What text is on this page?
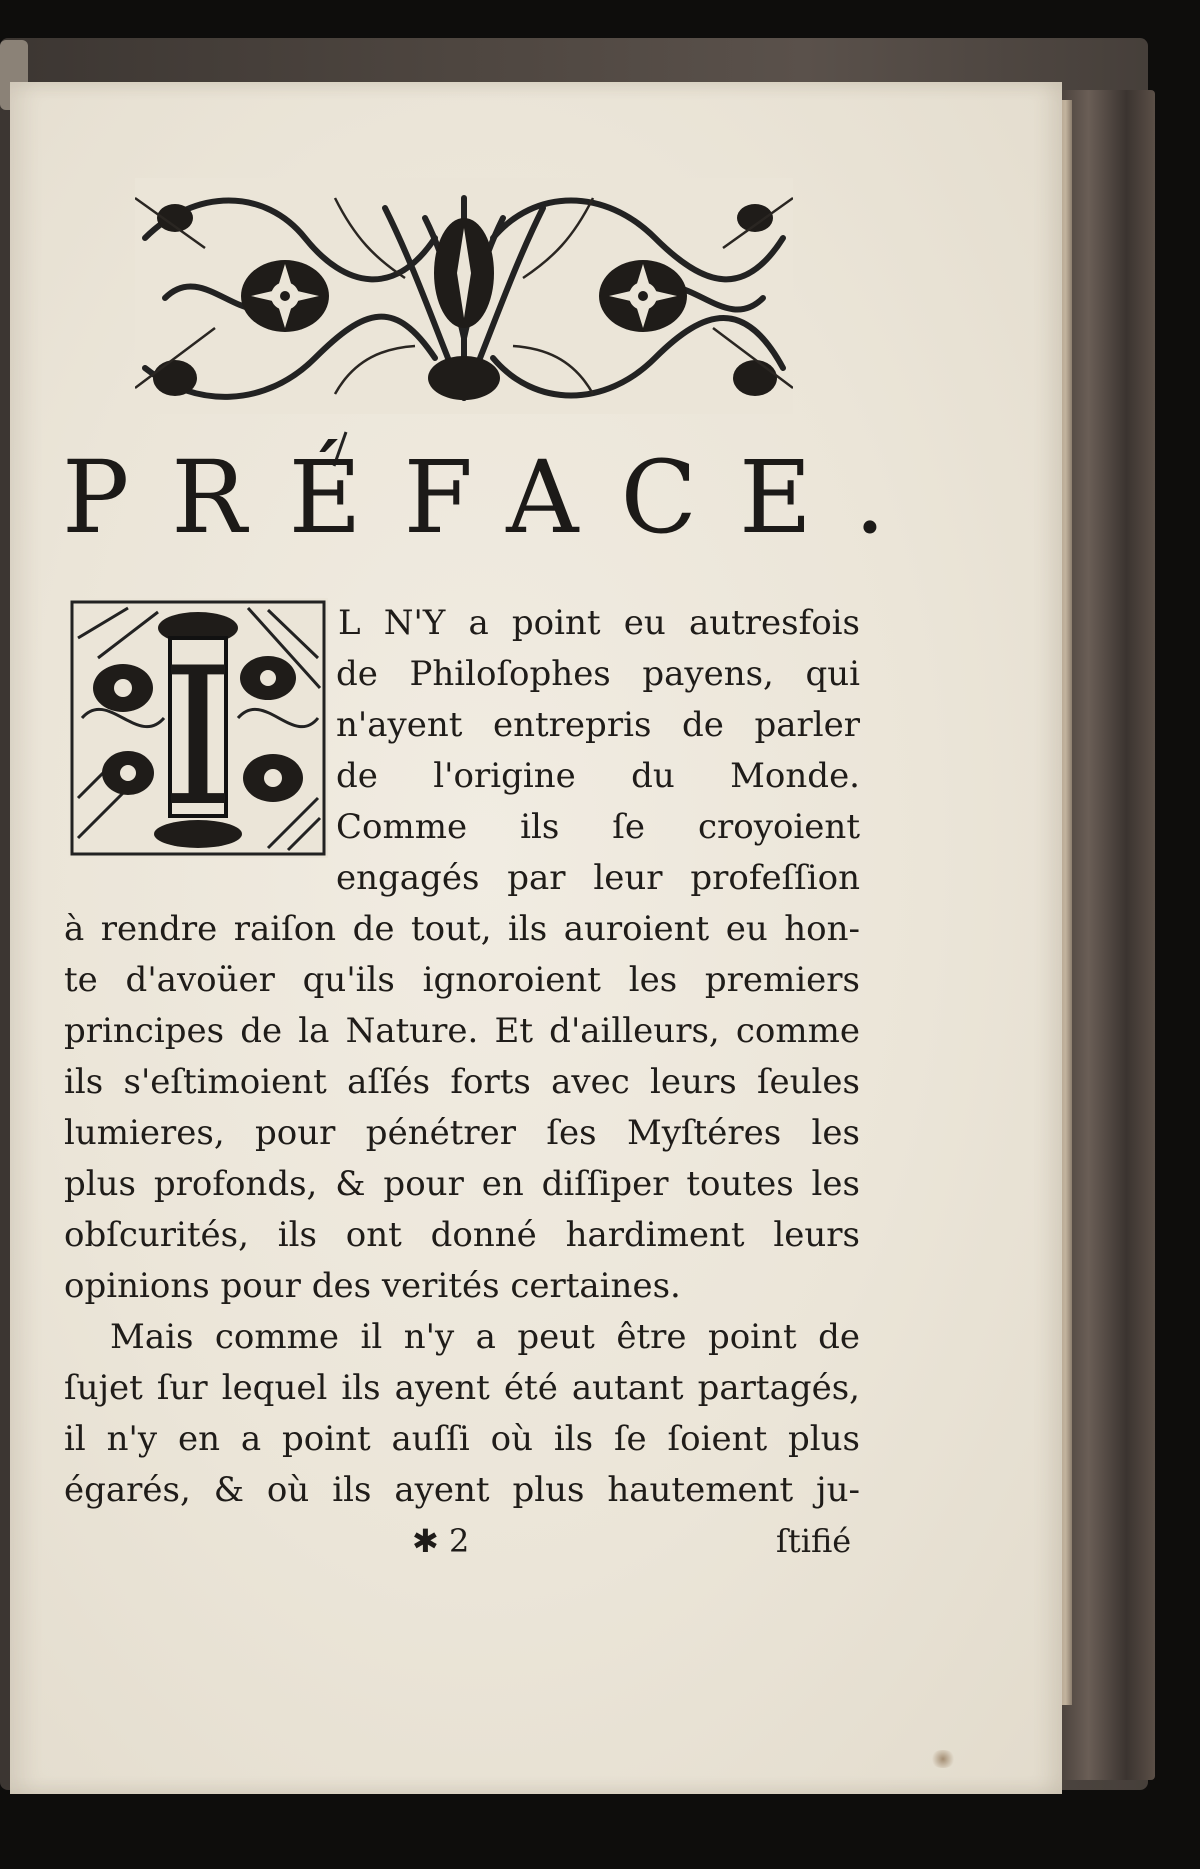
PRÉFACE.
I

L N'Y a point eu autresfois

de Philoſophes payens, qui

n'ayent entrepris de parler

de l'origine du Monde.

Comme ils ſe croyoient

engagés par leur profeſſion

à rendre raiſon de tout, ils auroient eu hon-

te d'avoüer qu'ils ignoroient les premiers

principes de la Nature. Et d'ailleurs, comme

ils s'eſtimoient aſſés forts avec leurs ſeules

lumieres, pour pénétrer ſes Myſtéres les

plus profonds, & pour en diſſiper toutes les

obſcurités, ils ont donné hardiment leurs

opinions pour des verités certaines.

Mais comme il n'y a peut être point de

ſujet ſur lequel ils ayent été autant partagés,

il n'y en a point auſſi où ils ſe ſoient plus

égarés, & où ils ayent plus hautement ju-

✱ 2	ſtifié
